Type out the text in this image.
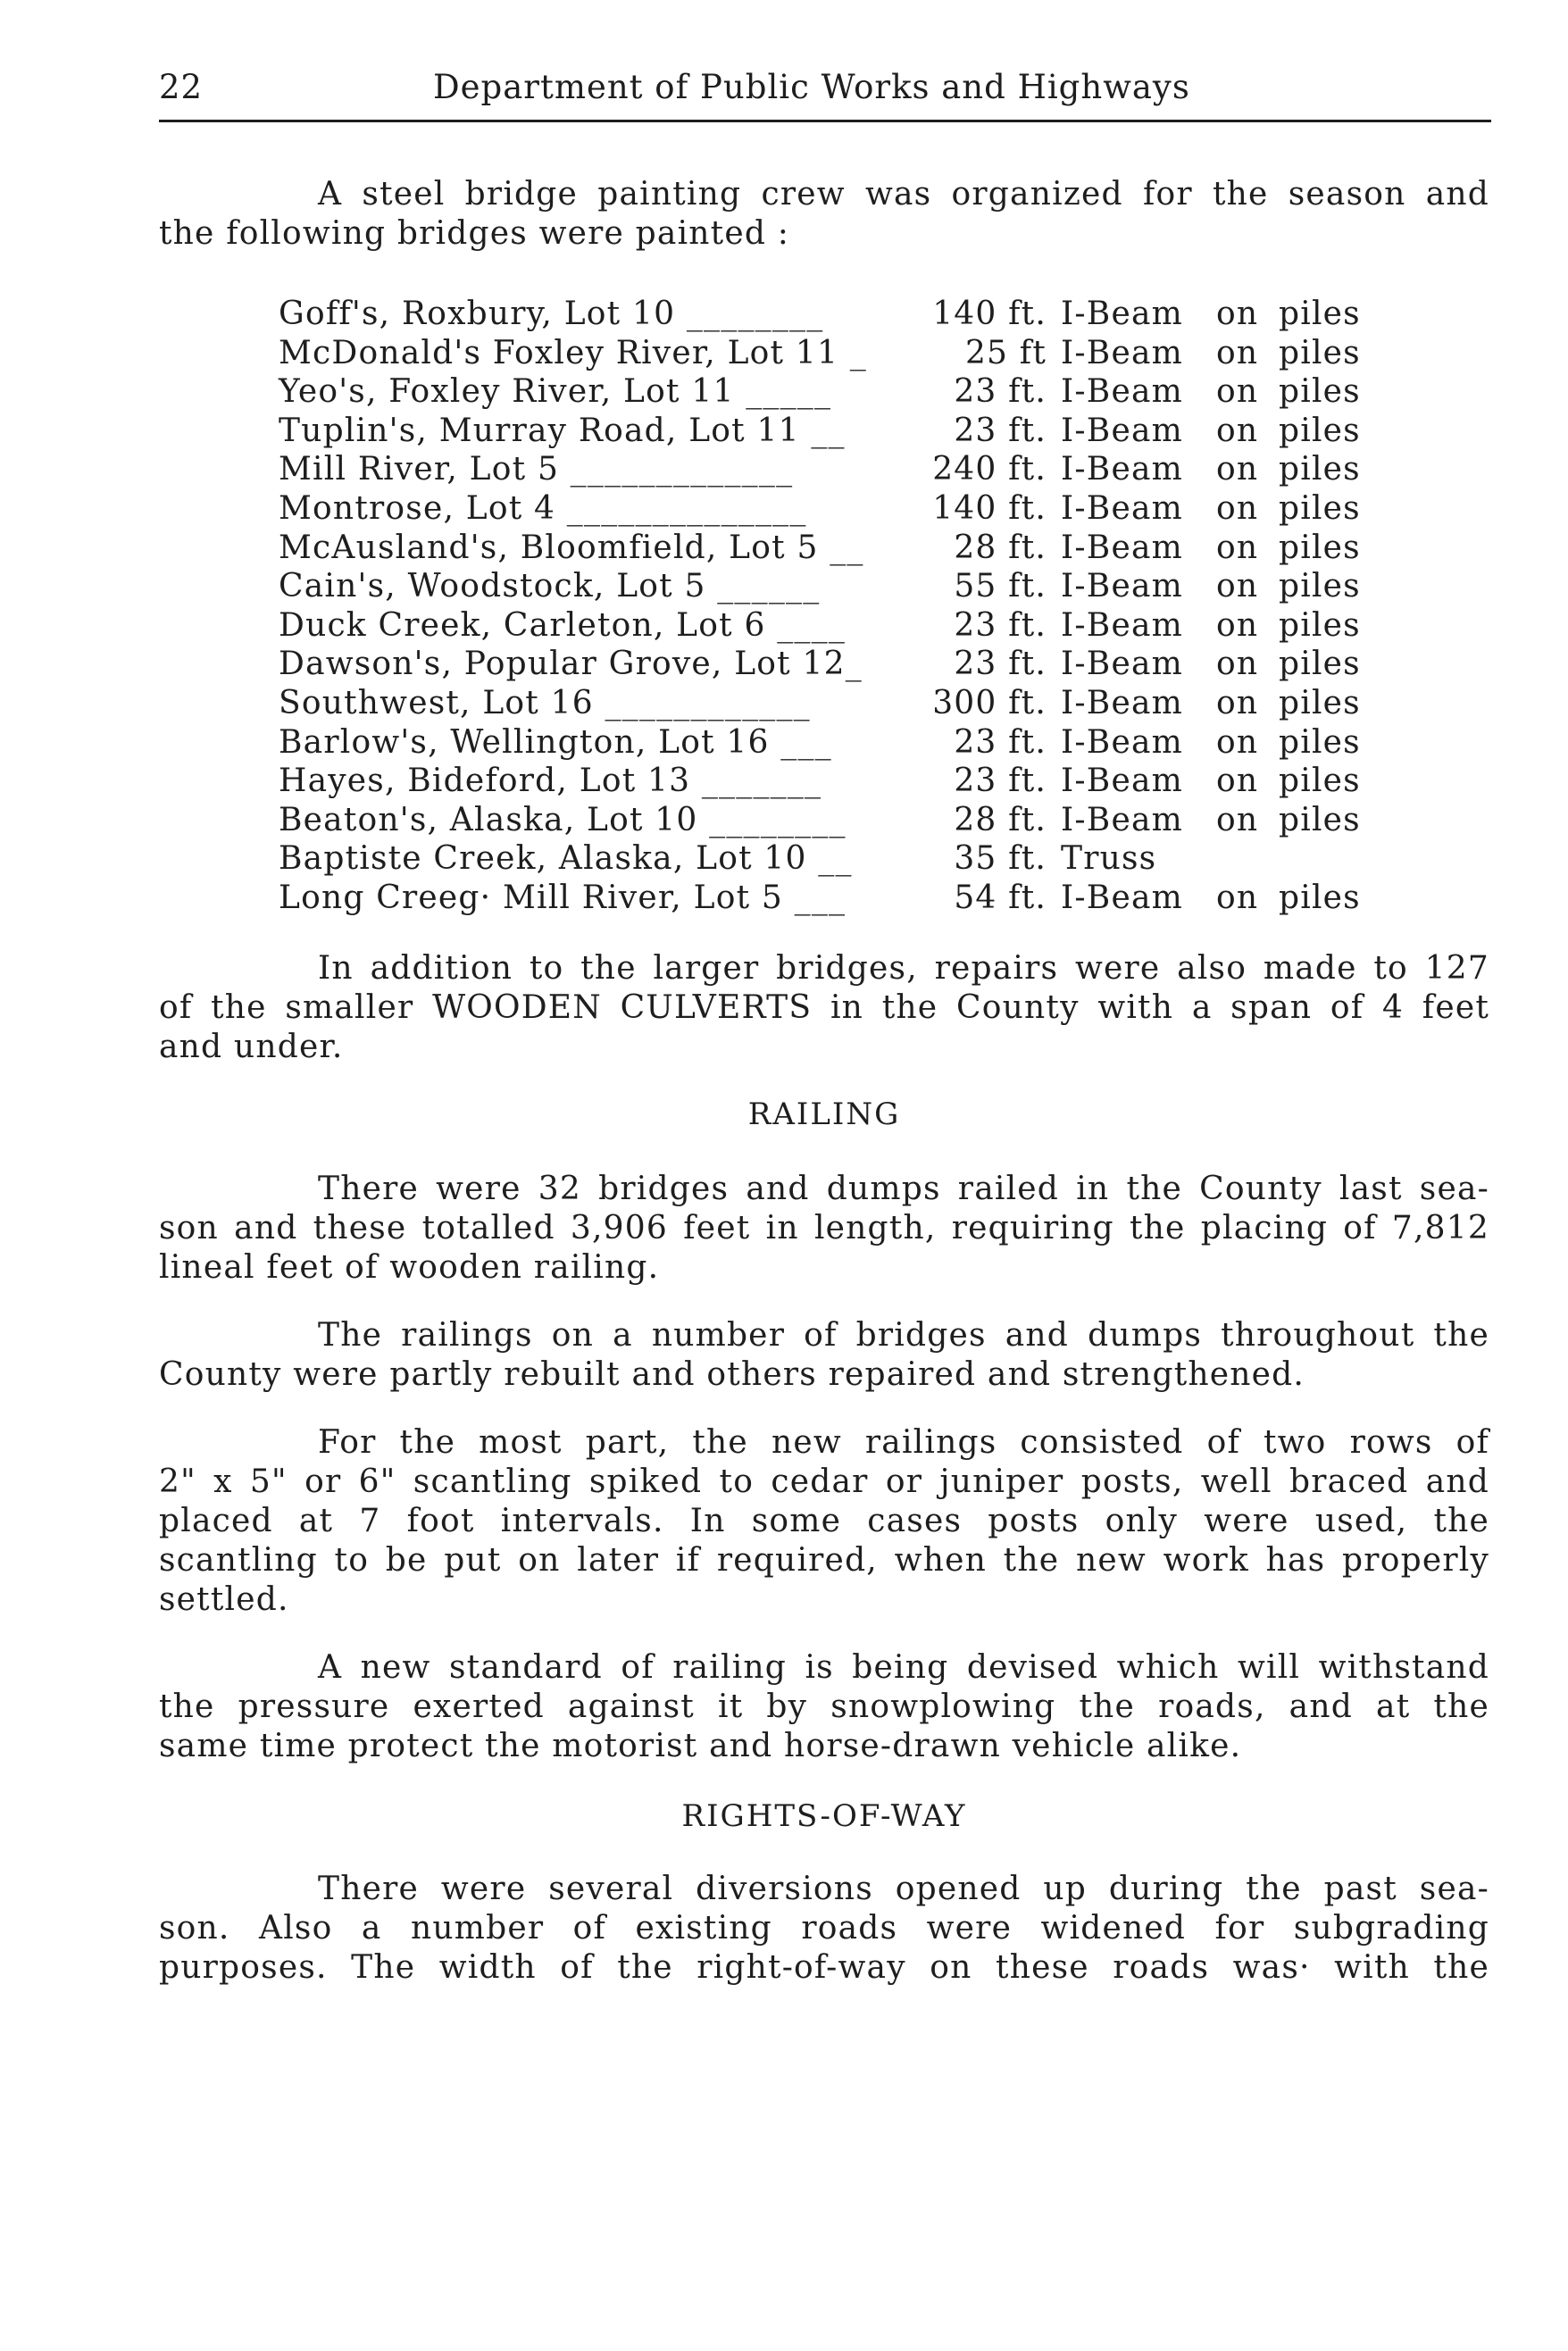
22	Department of Public Works and Highways
A steel bridge painting crew was organized for the season and
the following bridges were painted :
Goff's, Roxbury, Lot 10 ________	140 ft. I-Beam on piles
McDonald's Foxley River, Lot 11 _	25 ft I-Beam on piles
Yeo's, Foxley River, Lot 11 _____	23 ft. I-Beam on piles
Tuplin's, Murray Road, Lot 11 __	23 ft. I-Beam on piles
Mill River, Lot 5 _____________	240 ft. I-Beam on piles
Montrose, Lot 4 ______________	140 ft. I-Beam on piles
McAusland's, Bloomfield, Lot 5 __	28 ft. I-Beam on piles
Cain's, Woodstock, Lot 5 ______	55 ft. I-Beam on piles
Duck Creek, Carleton, Lot 6 ____	23 ft. I-Beam on piles
Dawson's, Popular Grove, Lot 12_	23 ft. I-Beam on piles
Southwest, Lot 16 ____________	300 ft. I-Beam on piles
Barlow's, Wellington, Lot 16 ___	23 ft. I-Beam on piles
Hayes, Bideford, Lot 13 _______	23 ft. I-Beam on piles
Beaton's, Alaska, Lot 10 ________	28 ft. I-Beam on piles
Baptiste Creek, Alaska, Lot 10 __	35 ft. Truss
Long Creeg· Mill River, Lot 5 ___	54 ft. I-Beam on piles
In addition to the larger bridges, repairs were also made to 127
of the smaller WOODEN CULVERTS in the County with a span of 4 feet
and under.
RAILING
There were 32 bridges and dumps railed in the County last sea-
son and these totalled 3,906 feet in length, requiring the placing of 7,812
lineal feet of wooden railing.
The railings on a number of bridges and dumps throughout the
County were partly rebuilt and others repaired and strengthened.
For the most part, the new railings consisted of two rows of
2" x 5" or 6" scantling spiked to cedar or juniper posts, well braced and
placed at 7 foot intervals. In some cases posts only were used, the
scantling to be put on later if required, when the new work has properly
settled.
A new standard of railing is being devised which will withstand
the pressure exerted against it by snowplowing the roads, and at the
same time protect the motorist and horse-drawn vehicle alike.
RIGHTS-OF-WAY
There were several diversions opened up during the past sea-
son. Also a number of existing roads were widened for subgrading
purposes. The width of the right-of-way on these roads was· with the
